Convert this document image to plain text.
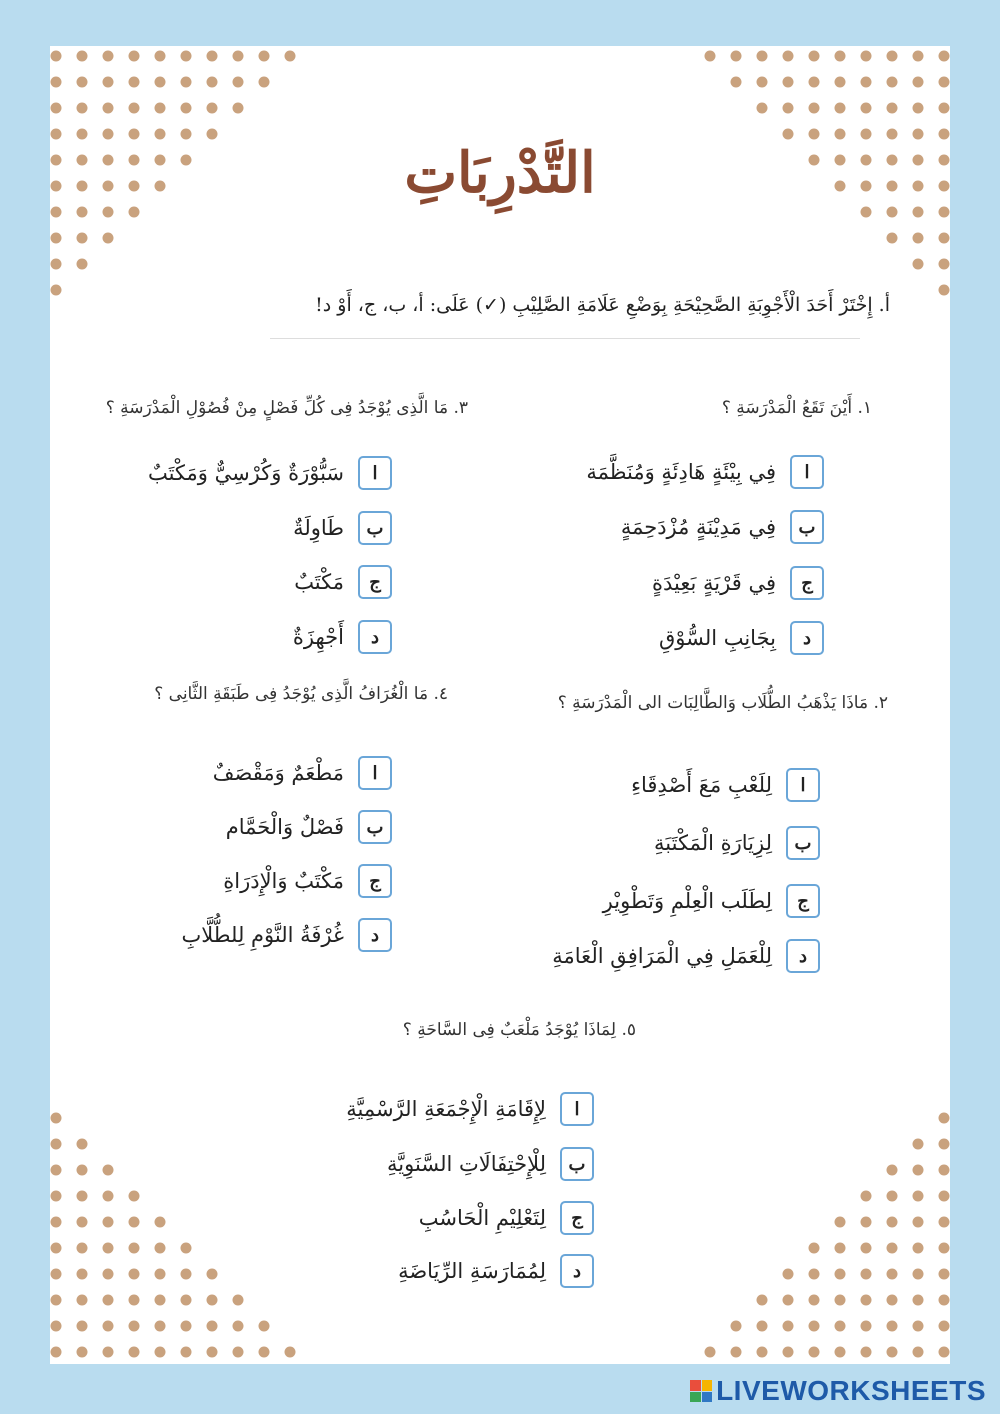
التَّدْرِبَاتِ
أ. إِخْتَرْ أَحَدَ الْأَجْوِبَةِ الصَّحِيْحَةِ بِوَضْعِ عَلَامَةِ الصَّلِيْبِ (✓) عَلَى: أ، ب، ج، أَوْ د!
١. أَيْنَ تَقَعُ الْمَدْرَسَةِ ؟
ا
فِي بِيْئَةٍ هَادِئَةٍ وَمُنَظَّمَة
ب
فِي مَدِيْنَةٍ مُزْدَحِمَةٍ
ج
فِي قَرْيَةٍ بَعِيْدَةٍ
د
بِجَانِبِ السُّوْقِ
٢. مَاذَا يَذْهَبُ الطُّلَاب وَالطَّالِبَات الى الْمَدْرَسَةِ ؟
ا
لِلَعْبِ مَعَ أَصْدِقَاءِ
ب
لِزِيَارَةِ الْمَكْتَبَةِ
ج
لِطَلَب الْعِلْمِ وَتَطْوِيْرِ
د
لِلْعَمَلِ فِي الْمَرَافِقِ الْعَامَةِ
٣. مَا الَّذِى يُوْجَدُ فِى كُلِّ فَصْلٍ مِنْ فُصُوْلِ الْمَدْرَسَةِ ؟
ا
سَبُّوْرَةٌ وَكُرْسِيٌّ وَمَكْتَبٌ
ب
طَاوِلَةٌ
ج
مَكْتَبٌ
د
أَجْهِزَةٌ
٤. مَا الْغُرَافُ الَّذِى يُوْجَدُ فِى طَبَقَةِ الثَّانِى ؟
ا
مَطْعَمٌ وَمَقْصَفٌ
ب
فَصْلٌ وَالْحَمَّام
ج
مَكْتَبٌ وَالْإِدَرَاةِ
د
غُرْفَةُ النَّوْمِ لِلطُّلَّابِ
٥. لِمَاذَا يُوْجَدُ مَلْعَبٌ فِى السَّاحَةِ ؟
ا
لِإِقَامَةِ الْإِجْمَعَةِ الرَّسْمِيَّةِ
ب
لِلْإِحْتِفَالَاتِ السَّنَوِيَّةِ
ج
لِتَعْلِيْمِ الْحَاسُبِ
د
لِمُمَارَسَةِ الرِّيَاضَةِ
LIVEWORKSHEETS
